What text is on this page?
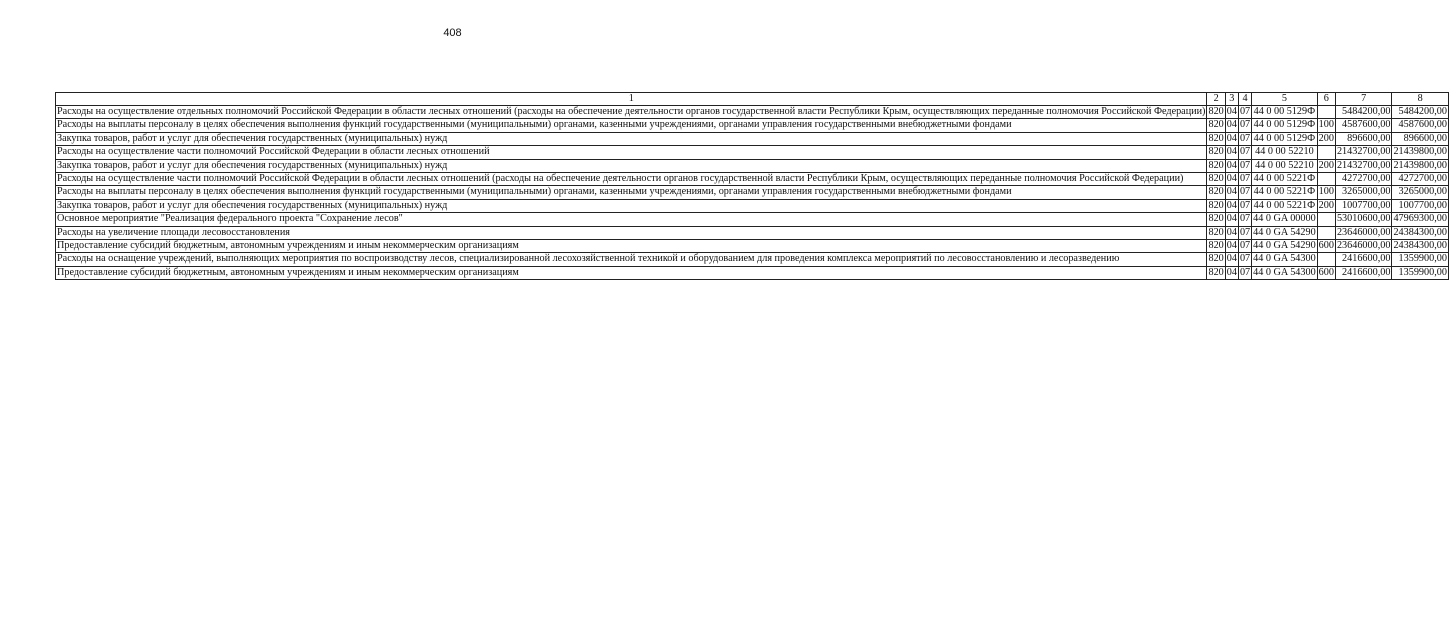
408
1	2	3	4	5	6	7	8
Расходы на осуществление отдельных полномочий Российской Федерации в области лесных отношений (расходы на обеспечение деятельности органов государственной власти Республики Крым, осуществляющих переданные полномочия Российской Федерации)	820	04	07	44 0 00 5129Ф		5484200,00	5484200,00
Расходы на выплаты персоналу в целях обеспечения выполнения функций государственными (муниципальными) органами, казенными учреждениями, органами управления государственными внебюджетными фондами	820	04	07	44 0 00 5129Ф	100	4587600,00	4587600,00
Закупка товаров, работ и услуг для обеспечения государственных (муниципальных) нужд	820	04	07	44 0 00 5129Ф	200	896600,00	896600,00
Расходы на осуществление части полномочий Российской Федерации в области лесных отношений	820	04	07	44 0 00 52210		21432700,00	21439800,00
Закупка товаров, работ и услуг для обеспечения государственных (муниципальных) нужд	820	04	07	44 0 00 52210	200	21432700,00	21439800,00
Расходы на осуществление части полномочий Российской Федерации в области лесных отношений (расходы на обеспечение деятельности органов государственной власти Республики Крым, осуществляющих переданные полномочия Российской Федерации)	820	04	07	44 0 00 5221Ф		4272700,00	4272700,00
Расходы на выплаты персоналу в целях обеспечения выполнения функций государственными (муниципальными) органами, казенными учреждениями, органами управления государственными внебюджетными фондами	820	04	07	44 0 00 5221Ф	100	3265000,00	3265000,00
Закупка товаров, работ и услуг для обеспечения государственных (муниципальных) нужд	820	04	07	44 0 00 5221Ф	200	1007700,00	1007700,00
Основное мероприятие "Реализация федерального проекта "Сохранение лесов"	820	04	07	44 0 GA 00000		53010600,00	47969300,00
Расходы на увеличение площади лесовосстановления	820	04	07	44 0 GA 54290		23646000,00	24384300,00
Предоставление субсидий бюджетным, автономным учреждениям и иным некоммерческим организациям	820	04	07	44 0 GA 54290	600	23646000,00	24384300,00
Расходы на оснащение учреждений, выполняющих мероприятия по воспроизводству лесов, специализированной лесохозяйственной техникой и оборудованием для проведения комплекса мероприятий по лесовосстановлению и лесоразведению	820	04	07	44 0 GA 54300		2416600,00	1359900,00
Предоставление субсидий бюджетным, автономным учреждениям и иным некоммерческим организациям	820	04	07	44 0 GA 54300	600	2416600,00	1359900,00
